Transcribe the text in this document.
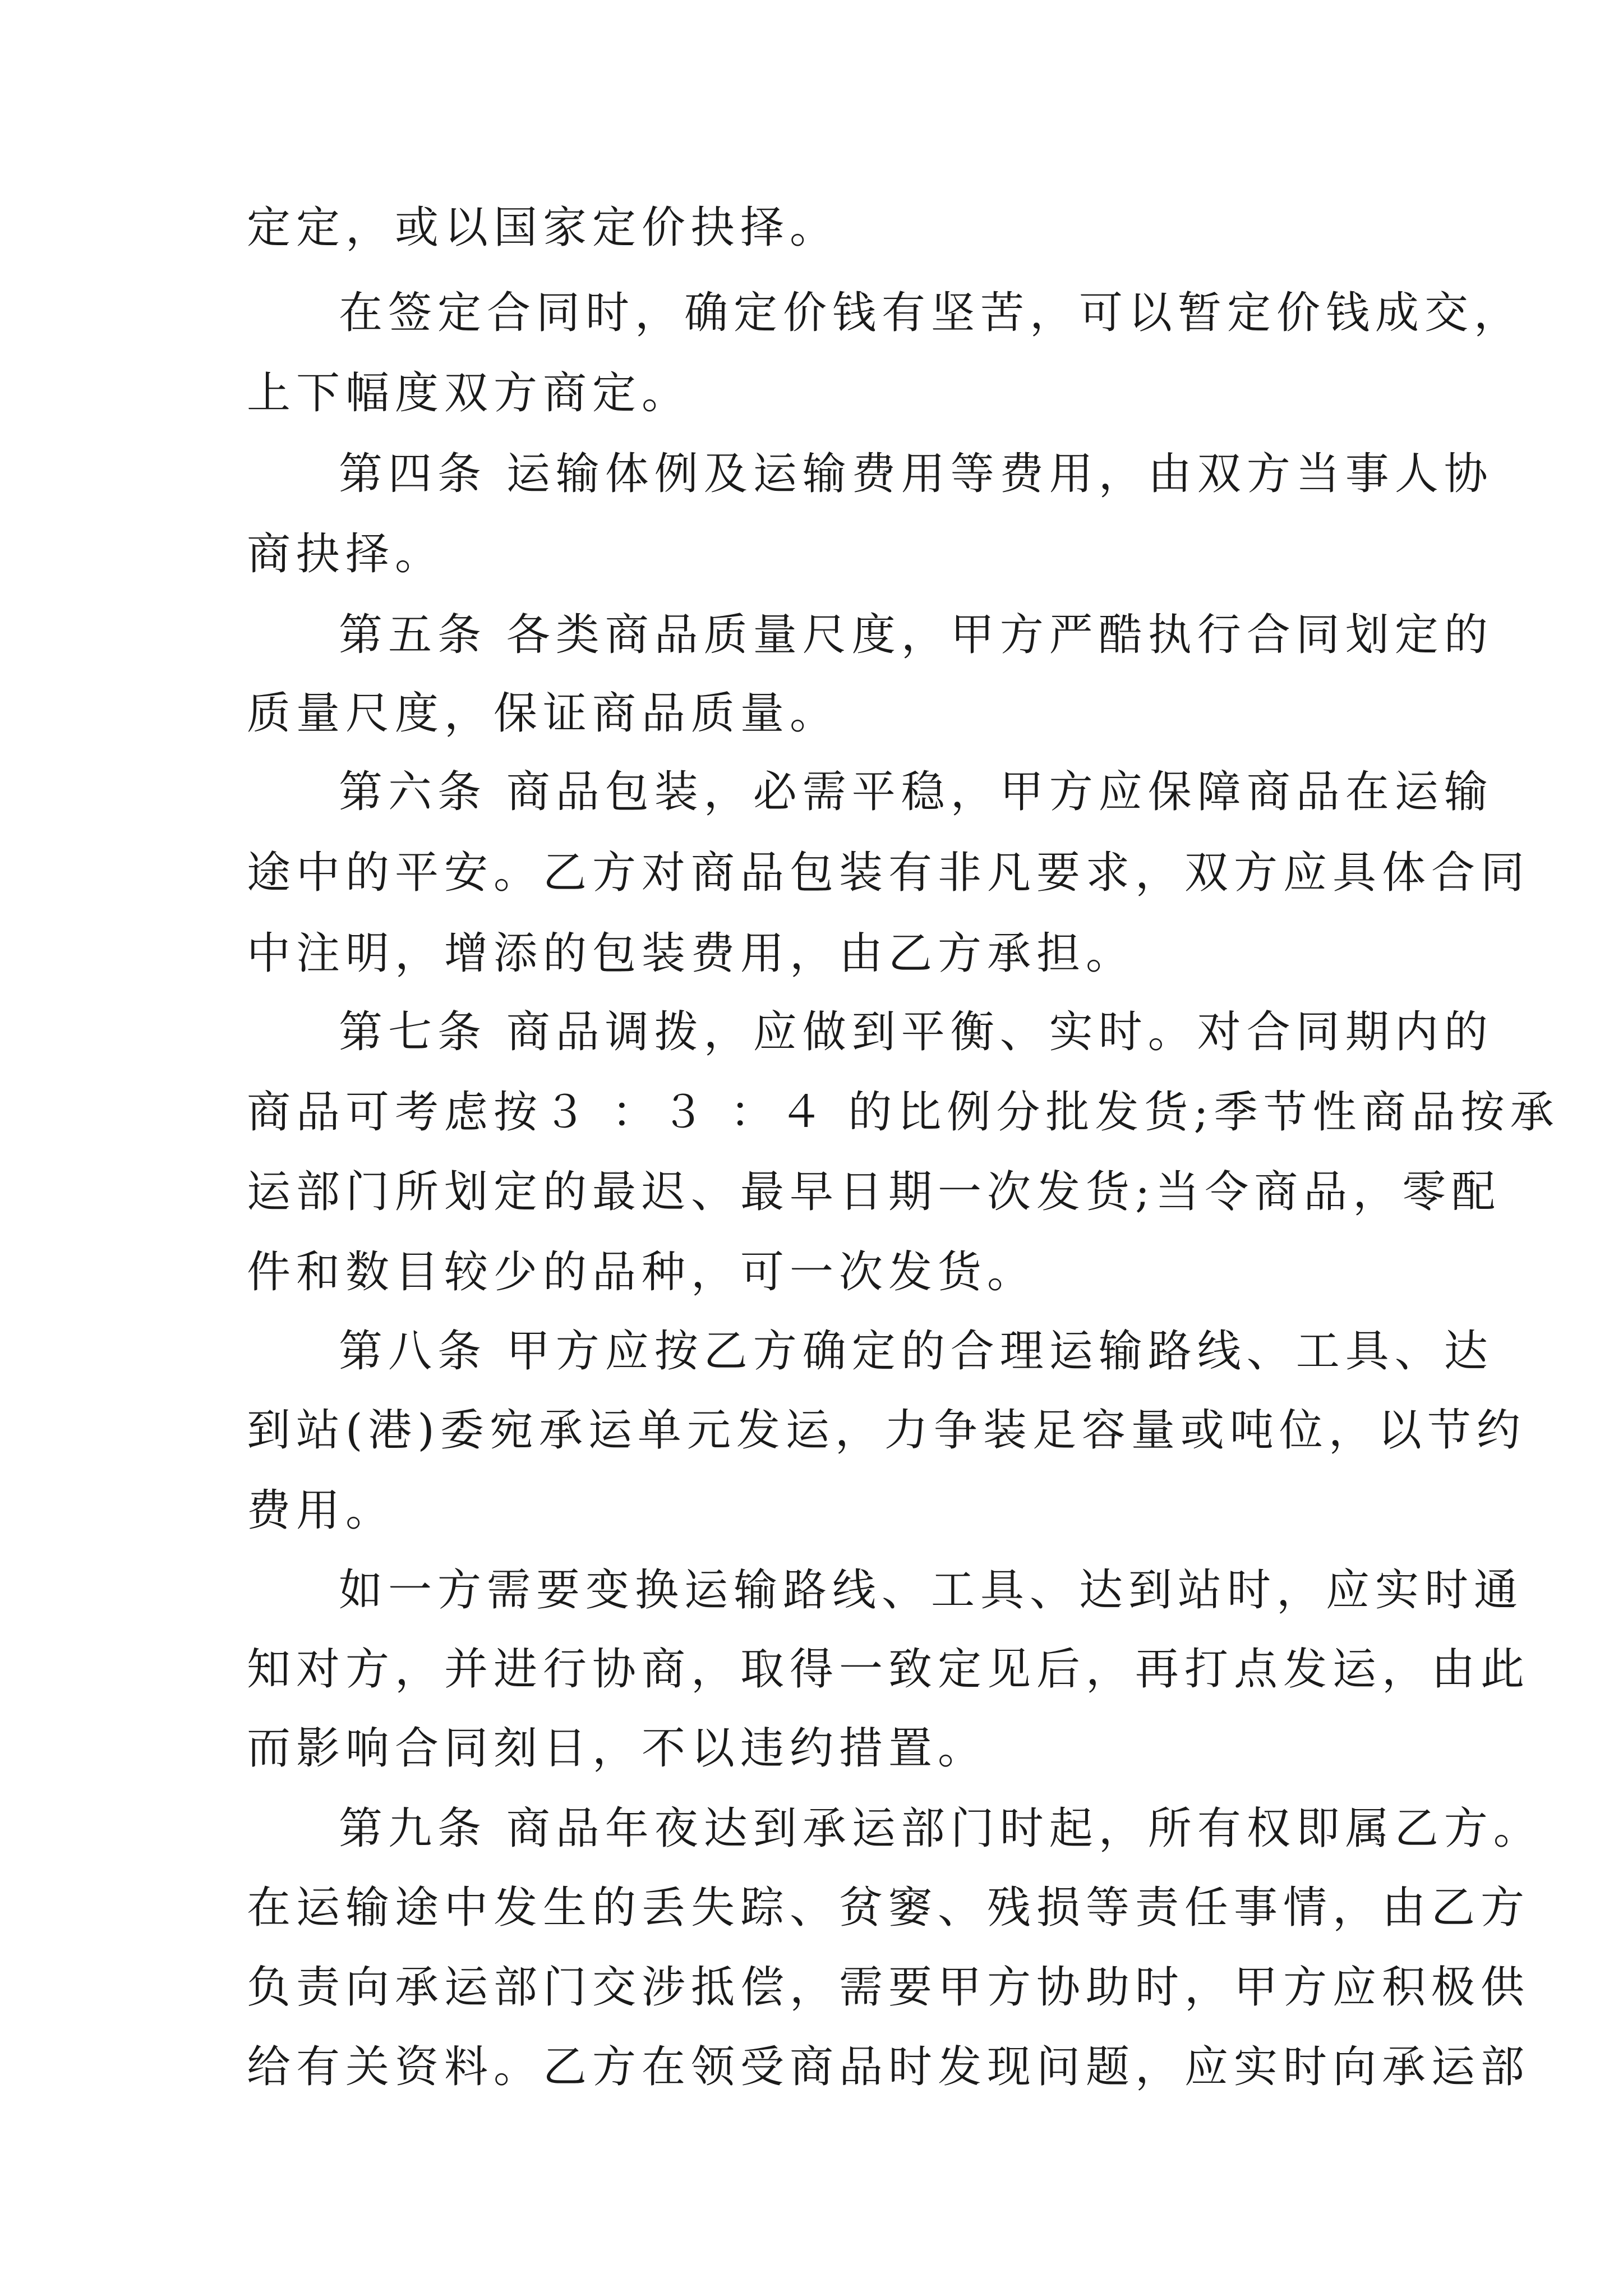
定定，或以国家定价抉择。
在签定合同时，确定价钱有坚苦，可以暂定价钱成交，
上下幅度双方商定。
第四条 运输体例及运输费用等费用，由双方当事人协
商抉择。
第五条 各类商品质量尺度，甲方严酷执行合同划定的
质量尺度，保证商品质量。
第六条 商品包装，必需平稳，甲方应保障商品在运输
途中的平安。乙方对商品包装有非凡要求，双方应具体合同
中注明，增添的包装费用，由乙方承担。
第七条 商品调拨，应做到平衡、实时。对合同期内的
商品可考虑按３ ：３ ：４ 的比例分批发货;季节性商品按承
运部门所划定的最迟、最早日期一次发货;当令商品，零配
件和数目较少的品种，可一次发货。
第八条 甲方应按乙方确定的合理运输路线、工具、达
到站(港)委宛承运单元发运，力争装足容量或吨位，以节约
费用。
如一方需要变换运输路线、工具、达到站时，应实时通
知对方，并进行协商，取得一致定见后，再打点发运，由此
而影响合同刻日，不以违约措置。
第九条 商品年夜达到承运部门时起，所有权即属乙方。
在运输途中发生的丢失踪、贫窭、残损等责任事情，由乙方
负责向承运部门交涉抵偿，需要甲方协助时，甲方应积极供
给有关资料。乙方在领受商品时发现问题，应实时向承运部
